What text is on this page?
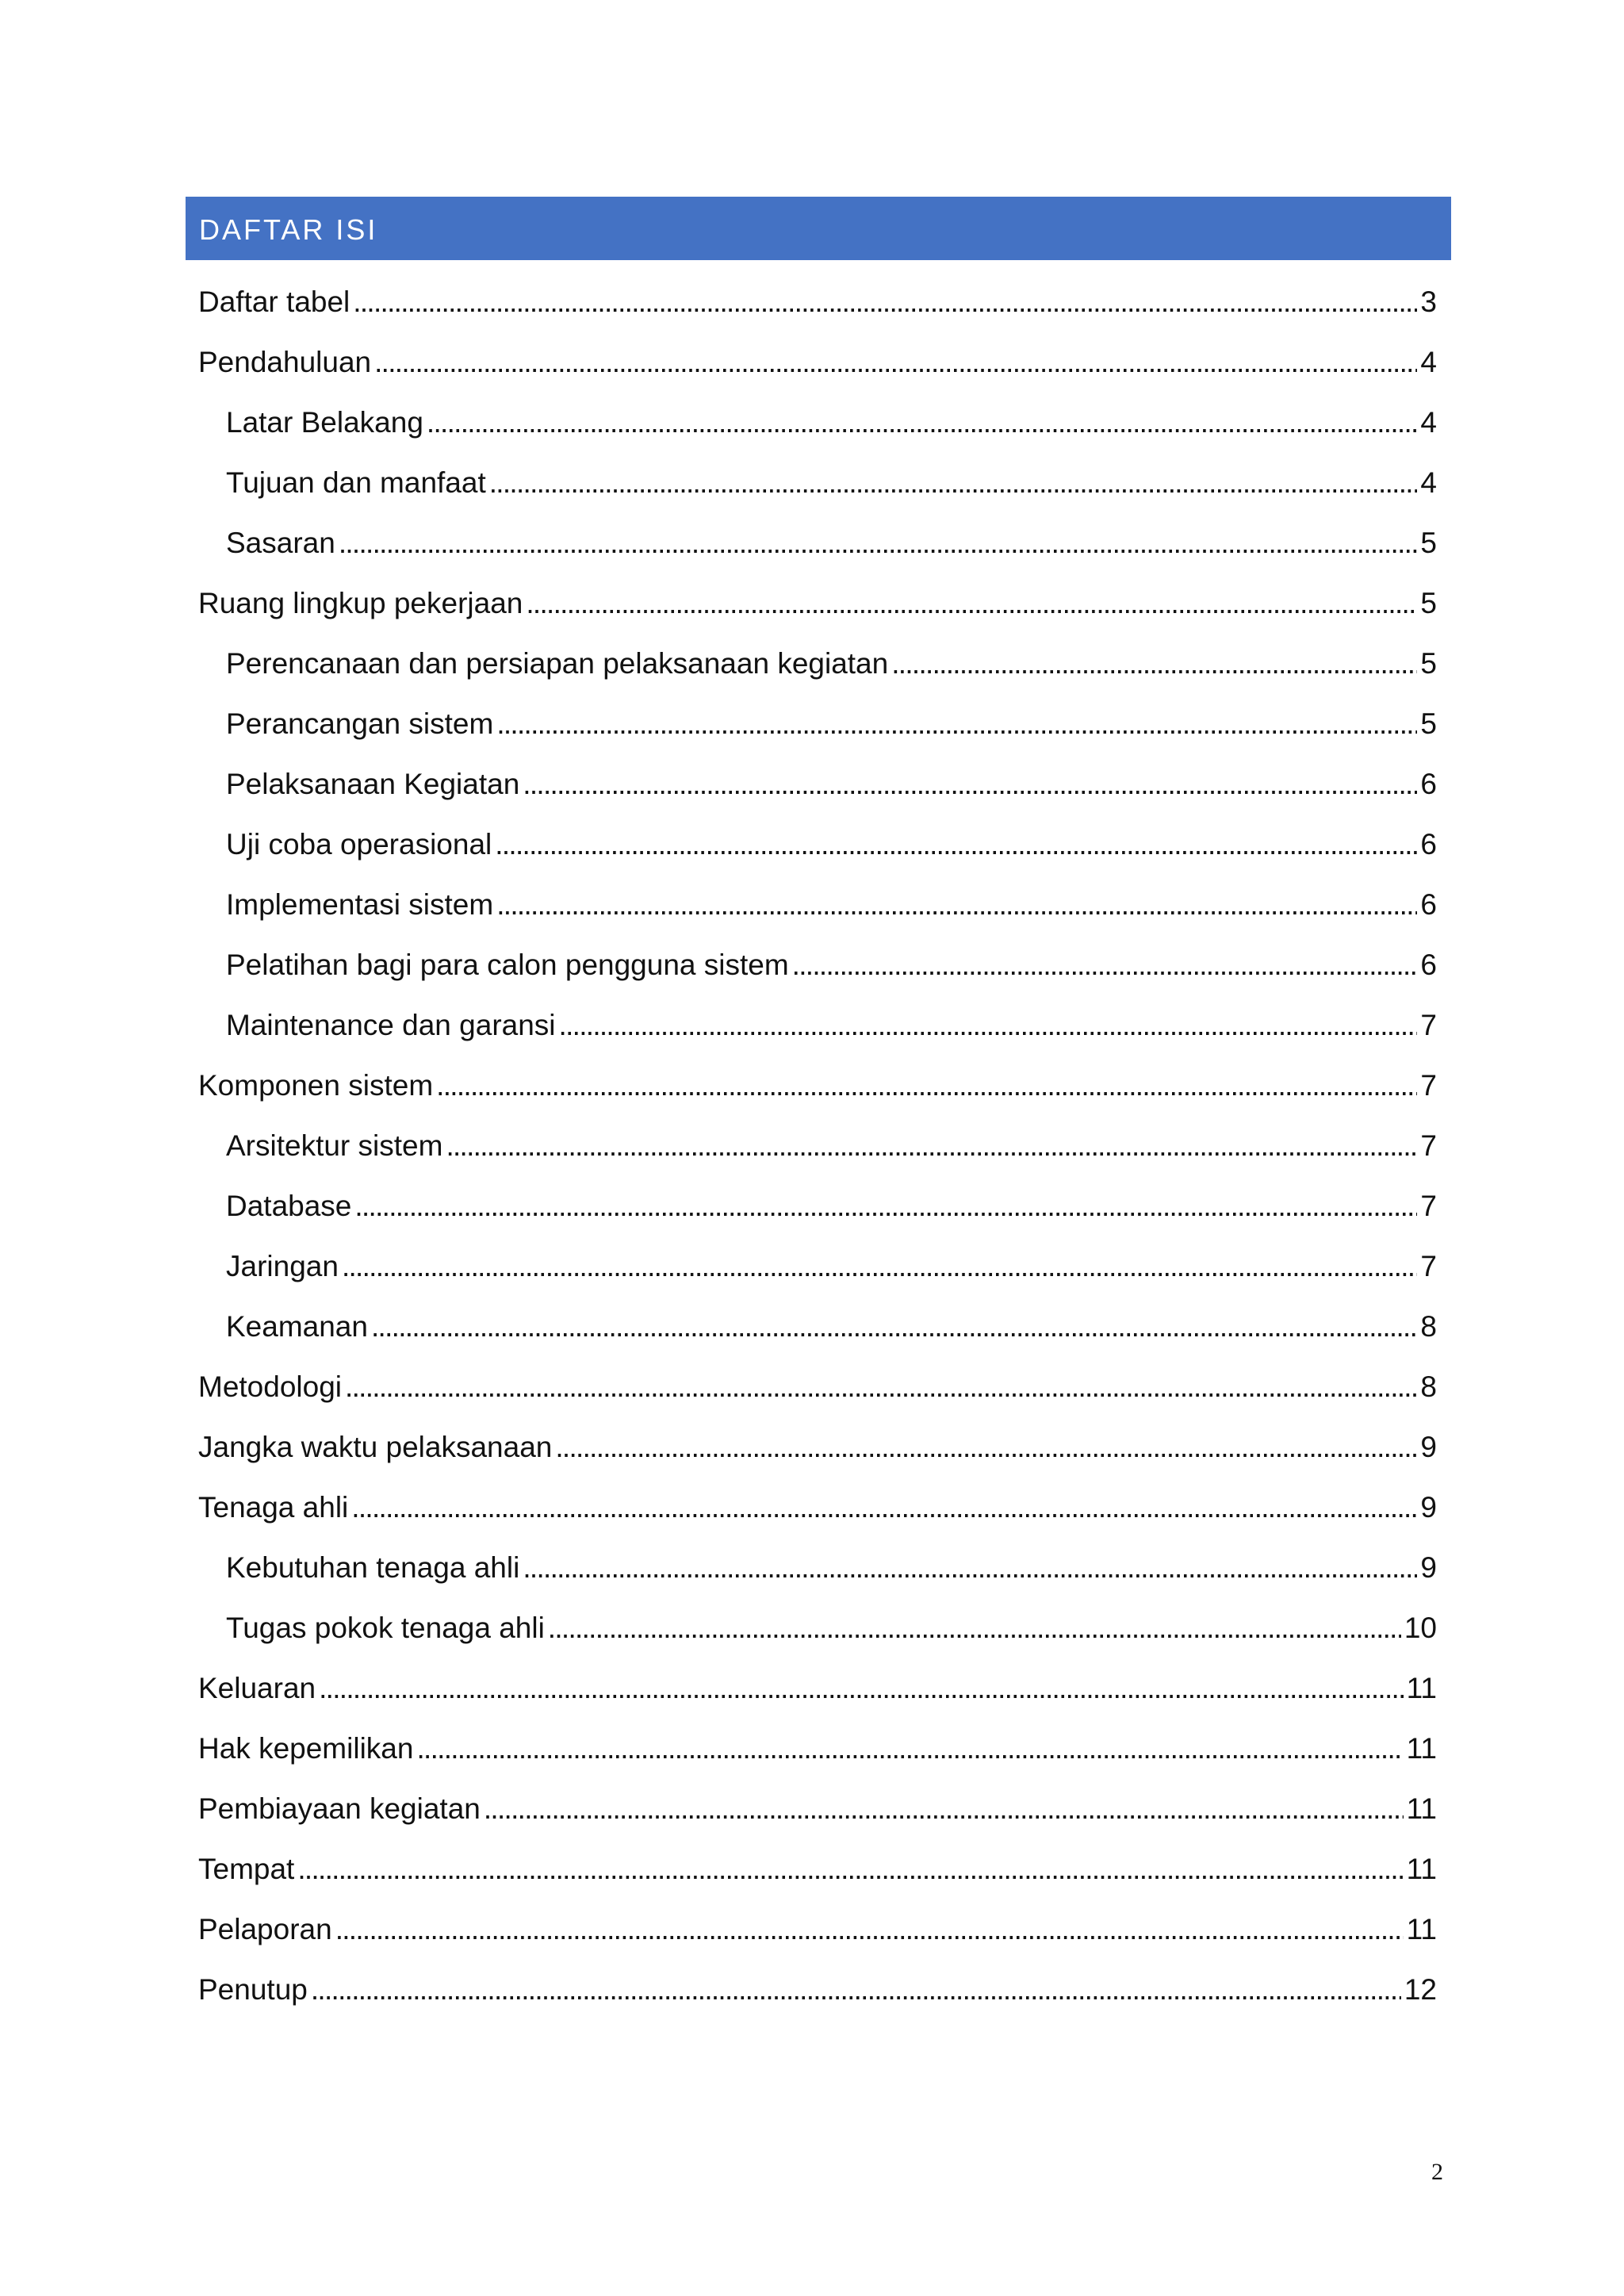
DAFTAR ISI
Daftar tabel . . .	3
Pendahuluan . . .	4
Latar Belakang . . .	4
Tujuan dan manfaat . . .	4
Sasaran . . .	5
Ruang lingkup pekerjaan . . .	5
Perencanaan dan persiapan pelaksanaan kegiatan . . .	5
Perancangan sistem . . .	5
Pelaksanaan Kegiatan . . .	6
Uji coba operasional . . .	6
Implementasi sistem . . .	6
Pelatihan bagi para calon pengguna sistem . . .	6
Maintenance dan garansi . . .	7
Komponen sistem . . .	7
Arsitektur sistem . . .	7
Database . . .	7
Jaringan . . .	7
Keamanan . . .	8
Metodologi . . .	8
Jangka waktu pelaksanaan . . .	9
Tenaga ahli . . .	9
Kebutuhan tenaga ahli . . .	9
Tugas pokok tenaga ahli . . .	10
Keluaran . . .	11
Hak kepemilikan . . .	11
Pembiayaan kegiatan . . .	11
Tempat . . .	11
Pelaporan . . .	11
Penutup . . .	12
2
